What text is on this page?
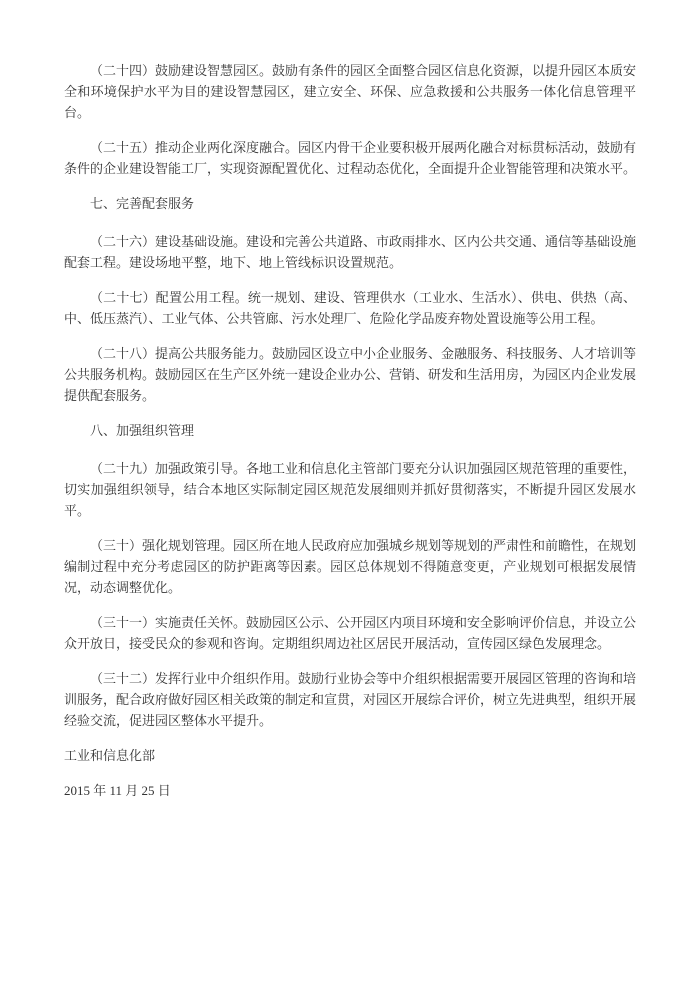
（二十四）鼓励建设智慧园区。鼓励有条件的园区全面整合园区信息化资源，以提升园区本质安全和环境保护水平为目的建设智慧园区，建立安全、环保、应急救援和公共服务一体化信息管理平台。

（二十五）推动企业两化深度融合。园区内骨干企业要积极开展两化融合对标贯标活动，鼓励有条件的企业建设智能工厂，实现资源配置优化、过程动态优化，全面提升企业智能管理和决策水平。

七、完善配套服务

（二十六）建设基础设施。建设和完善公共道路、市政雨排水、区内公共交通、通信等基础设施配套工程。建设场地平整，地下、地上管线标识设置规范。

（二十七）配置公用工程。统一规划、建设、管理供水（工业水、生活水）、供电、供热（高、中、低压蒸汽）、工业气体、公共管廊、污水处理厂、危险化学品废弃物处置设施等公用工程。

（二十八）提高公共服务能力。鼓励园区设立中小企业服务、金融服务、科技服务、人才培训等公共服务机构。鼓励园区在生产区外统一建设企业办公、营销、研发和生活用房，为园区内企业发展提供配套服务。

八、加强组织管理

（二十九）加强政策引导。各地工业和信息化主管部门要充分认识加强园区规范管理的重要性，切实加强组织领导，结合本地区实际制定园区规范发展细则并抓好贯彻落实，不断提升园区发展水平。

（三十）强化规划管理。园区所在地人民政府应加强城乡规划等规划的严肃性和前瞻性，在规划编制过程中充分考虑园区的防护距离等因素。园区总体规划不得随意变更，产业规划可根据发展情况，动态调整优化。

（三十一）实施责任关怀。鼓励园区公示、公开园区内项目环境和安全影响评价信息，并设立公众开放日，接受民众的参观和咨询。定期组织周边社区居民开展活动，宣传园区绿色发展理念。

（三十二）发挥行业中介组织作用。鼓励行业协会等中介组织根据需要开展园区管理的咨询和培训服务，配合政府做好园区相关政策的制定和宣贯，对园区开展综合评价，树立先进典型，组织开展经验交流，促进园区整体水平提升。

工业和信息化部

2015 年 11 月 25 日
